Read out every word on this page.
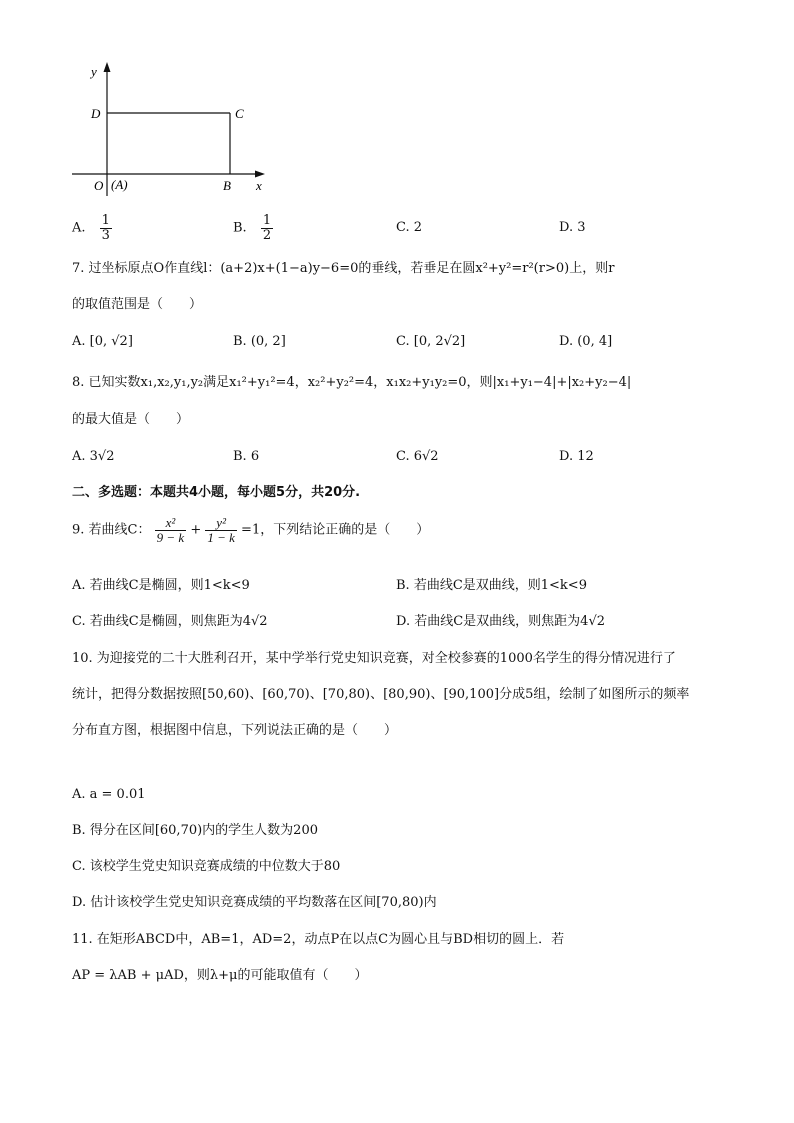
y
D	C
O (A)	B x
A. $\frac{1}{3}$	B. $\frac{1}{2}$	C. 2	D. 3
7. 过坐标原点O作直线l：(a+2)x+(1−a)y−6=0的垂线，若垂足在圆x²+y²=r²(r>0)上，则r
的取值范围是（　　）
A. [0, √2]	B. (0, 2]	C. [0, 2√2]	D. (0, 4]
8. 已知实数x₁,x₂,y₁,y₂满足x₁²+y₁²=4，x₂²+y₂²=4，x₁x₂+y₁y₂=0，则|x₁+y₁−4|+|x₂+y₂−4|
的最大值是（　　）
A. 3√2	B. 6	C. 6√2	D. 12
二、多选题：本题共4小题，每小题5分，共20分.
9. 若曲线C： $\frac{\text{x²}}{9 - k} + \frac{\text{y²}}{1 - k} =1$，下列结论正确的是（　　）
A. 若曲线C是椭圆，则1<k<9	B. 若曲线C是双曲线，则1<k<9
C. 若曲线C是椭圆，则焦距为4√2	D. 若曲线C是双曲线，则焦距为4√2
10. 为迎接党的二十大胜利召开，某中学举行党史知识竞赛，对全校参赛的1000名学生的得分情况进行了
统计，把得分数据按照[50,60)、[60,70)、[70,80)、[80,90)、[90,100]分成5组，绘制了如图所示的频率
分布直方图，根据图中信息，下列说法正确的是（　　）
A. a = 0.01
B. 得分在区间[60,70)内的学生人数为200
C. 该校学生党史知识竞赛成绩的中位数大于80
D. 估计该校学生党史知识竞赛成绩的平均数落在区间[70,80)内
11. 在矩形ABCD中，AB=1，AD=2，动点P在以点C为圆心且与BD相切的圆上．若
AP = λAB + μAD，则λ+μ的可能取值有（　　）
